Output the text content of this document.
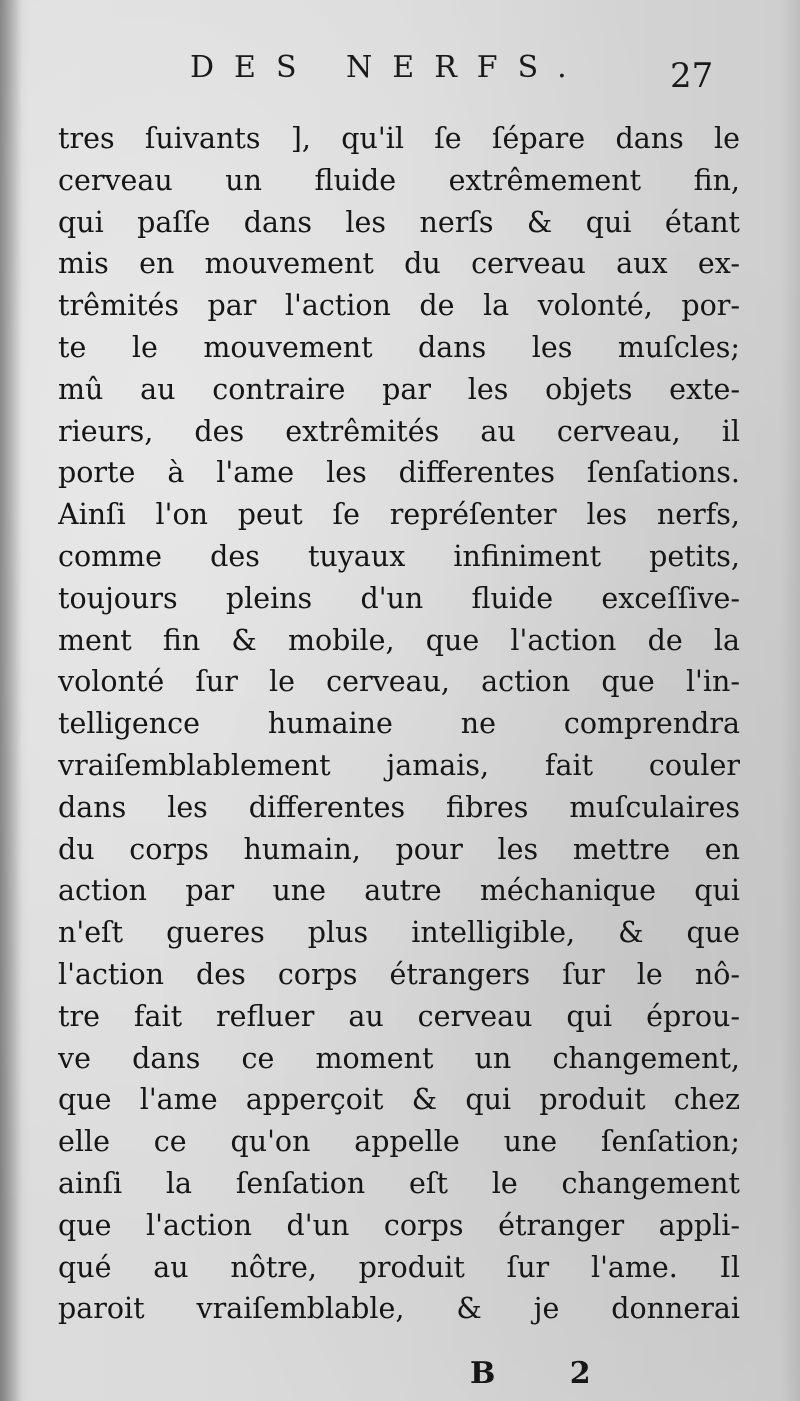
DES NERFS.	27
tres ſuivants ], qu'il ſe ſépare dans le
cerveau un fluide extrêmement fin,
qui paſſe dans les nerſs & qui étant
mis en mouvement du cerveau aux ex-
trêmités par l'action de la volonté, por-
te le mouvement dans les muſcles;
mû au contraire par les objets exte-
rieurs, des extrêmités au cerveau, il
porte à l'ame les differentes ſenſations.
Ainſi l'on peut ſe repréſenter les nerfs,
comme des tuyaux infiniment petits,
toujours pleins d'un fluide exceſſive-
ment fin & mobile, que l'action de la
volonté ſur le cerveau, action que l'in-
telligence humaine ne comprendra
vraiſemblablement jamais, fait couler
dans les differentes fibres muſculaires
du corps humain, pour les mettre en
action par une autre méchanique qui
n'eſt gueres plus intelligible, & que
l'action des corps étrangers ſur le nô-
tre fait refluer au cerveau qui éprou-
ve dans ce moment un changement,
que l'ame apperçoit & qui produit chez
elle ce qu'on appelle une ſenſation;
ainſi la ſenſation eſt le changement
que l'action d'un corps étranger appli-
qué au nôtre, produit ſur l'ame. Il
paroit vraiſemblable, & je donnerai
B 2
